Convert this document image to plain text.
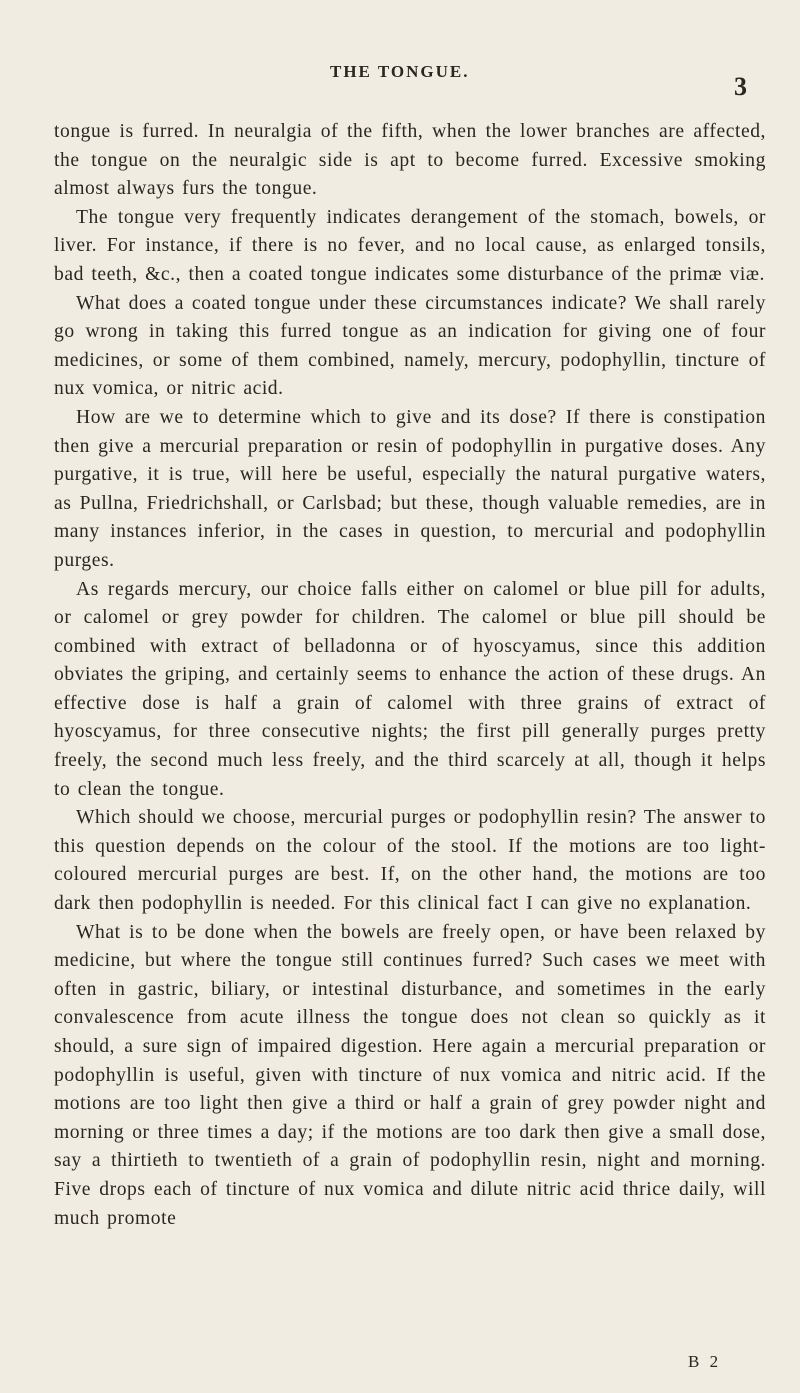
THE TONGUE.
3

tongue is furred. In neuralgia of the fifth, when the lower branches are affected, the tongue on the neuralgic side is apt to become furred. Excessive smoking almost always furs the tongue.

The tongue very frequently indicates derangement of the stomach, bowels, or liver. For instance, if there is no fever, and no local cause, as enlarged tonsils, bad teeth, &c., then a coated tongue indicates some disturbance of the primæ viæ.

What does a coated tongue under these circumstances indicate? We shall rarely go wrong in taking this furred tongue as an indication for giving one of four medicines, or some of them combined, namely, mercury, podophyllin, tincture of nux vomica, or nitric acid.

How are we to determine which to give and its dose? If there is constipation then give a mercurial preparation or resin of podophyllin in purgative doses. Any purgative, it is true, will here be useful, especially the natural purgative waters, as Pullna, Friedrichshall, or Carlsbad; but these, though valuable remedies, are in many instances inferior, in the cases in question, to mercurial and podophyllin purges.

As regards mercury, our choice falls either on calomel or blue pill for adults, or calomel or grey powder for children. The calomel or blue pill should be combined with extract of belladonna or of hyoscyamus, since this addition obviates the griping, and certainly seems to enhance the action of these drugs. An effective dose is half a grain of calomel with three grains of extract of hyoscyamus, for three consecutive nights; the first pill generally purges pretty freely, the second much less freely, and the third scarcely at all, though it helps to clean the tongue.

Which should we choose, mercurial purges or podophyllin resin? The answer to this question depends on the colour of the stool. If the motions are too light-coloured mercurial purges are best. If, on the other hand, the motions are too dark then podophyllin is needed. For this clinical fact I can give no explanation.

What is to be done when the bowels are freely open, or have been relaxed by medicine, but where the tongue still continues furred? Such cases we meet with often in gastric, biliary, or intestinal disturbance, and sometimes in the early convalescence from acute illness the tongue does not clean so quickly as it should, a sure sign of impaired digestion. Here again a mercurial preparation or podophyllin is useful, given with tincture of nux vomica and nitric acid. If the motions are too light then give a third or half a grain of grey powder night and morning or three times a day; if the motions are too dark then give a small dose, say a thirtieth to twentieth of a grain of podophyllin resin, night and morning. Five drops each of tincture of nux vomica and dilute nitric acid thrice daily, will much promote

B 2
